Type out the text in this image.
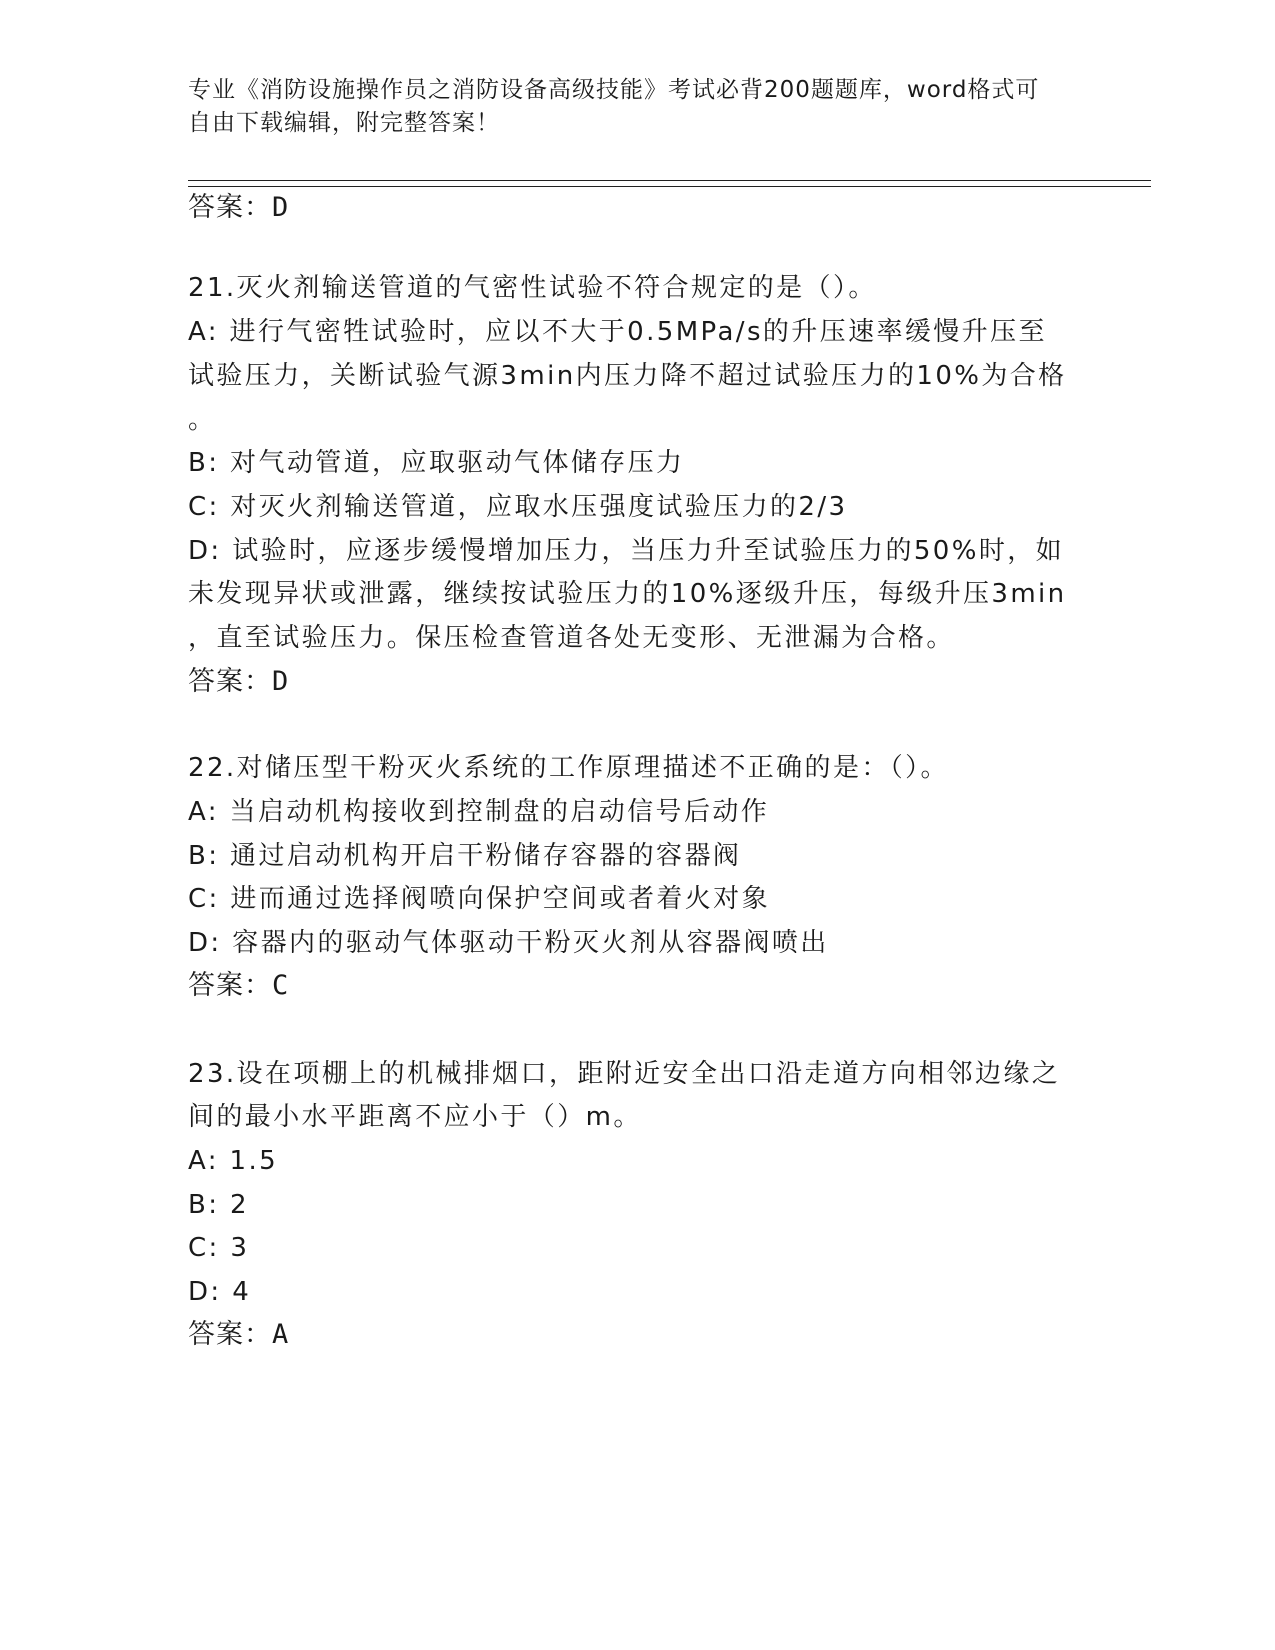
专业《消防设施操作员之消防设备高级技能》考试必背200题题库，word格式可
自由下载编辑，附完整答案！
答案：D
21.灭火剂输送管道的气密性试验不符合规定的是（）。
A: 进行气密牲试验时，应以不大于0.5MPa/s的升压速率缓慢升压至
试验压力，关断试验气源3min内压力降不超过试验压力的10%为合格
。
B: 对气动管道，应取驱动气体储存压力
C: 对灭火剂输送管道，应取水压强度试验压力的2/3
D: 试验时，应逐步缓慢增加压力，当压力升至试验压力的50%时，如
未发现异状或泄露，继续按试验压力的10%逐级升压，每级升压3min
，直至试验压力。保压检查管道各处无变形、无泄漏为合格。
答案：D
22.对储压型干粉灭火系统的工作原理描述不正确的是：（）。
A: 当启动机构接收到控制盘的启动信号后动作
B: 通过启动机构开启干粉储存容器的容器阀
C: 进而通过选择阀喷向保护空间或者着火对象
D: 容器内的驱动气体驱动干粉灭火剂从容器阀喷出
答案：C
23.设在项棚上的机械排烟口，距附近安全出口沿走道方向相邻边缘之
间的最小水平距离不应小于（）m。
A: 1.5
B: 2
C: 3
D: 4
答案：A
